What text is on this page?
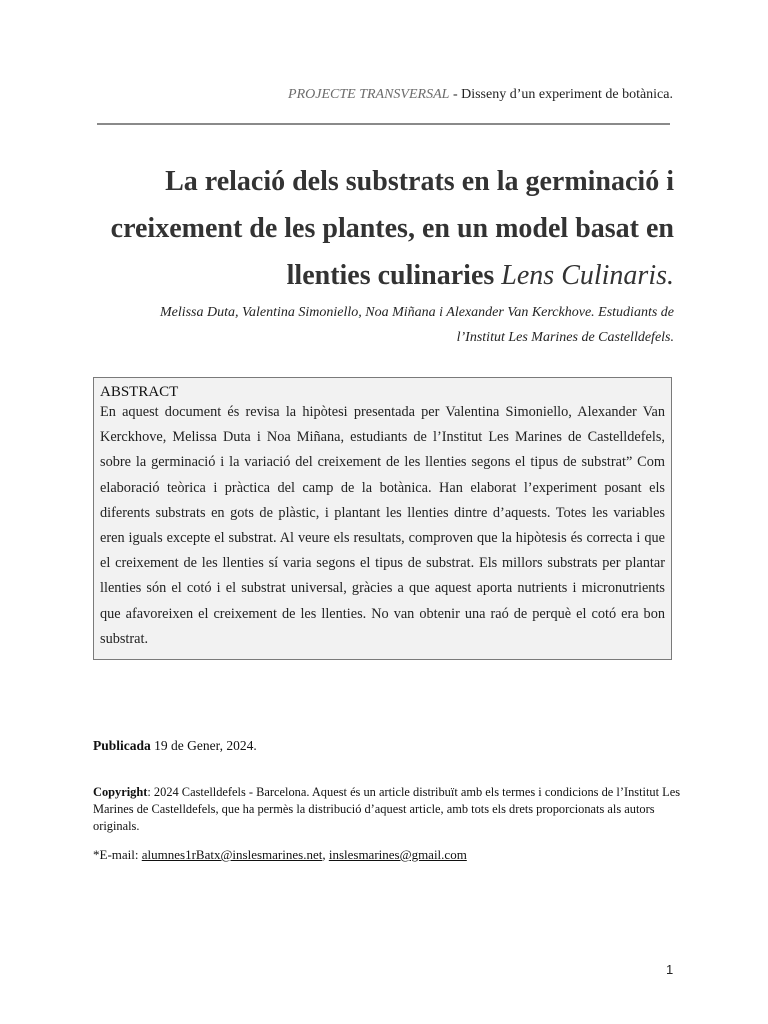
PROJECTE TRANSVERSAL - Disseny d’un experiment de botànica.
La relació dels substrats en la germinació i
creixement de les plantes, en un model basat en
llenties culinaries Lens Culinaris.
Melissa Duta, Valentina Simoniello, Noa Miñana i Alexander Van Kerckhove. Estudiants de
l’Institut Les Marines de Castelldefels.
ABSTRACT
En aquest document és revisa la hipòtesi presentada per Valentina Simoniello, Alexander Van Kerckhove, Melissa Duta i Noa Miñana, estudiants de l’Institut Les Marines de Castelldefels, sobre la germinació i la variació del creixement de les llenties segons el tipus de substrat” Com elaboració teòrica i pràctica del camp de la botànica. Han elaborat l’experiment posant els diferents substrats en gots de plàstic, i plantant les llenties dintre d’aquests. Totes les variables eren iguals excepte el substrat. Al veure els resultats, comproven que la hipòtesis és correcta i que el creixement de les llenties sí varia segons el tipus de substrat. Els millors substrats per plantar llenties són el cotó i el substrat universal, gràcies a que aquest aporta nutrients i micronutrients que afavoreixen el creixement de les llenties. No van obtenir una raó de perquè el cotó era bon substrat.
Publicada 19 de Gener, 2024.
Copyright: 2024 Castelldefels - Barcelona. Aquest és un article distribuït amb els termes i condicions de l’Institut Les Marines de Castelldefels, que ha permès la distribució d’aquest article, amb tots els drets proporcionats als autors originals.
*E-mail: alumnes1rBatx@inslesmarines.net, inslesmarines@gmail.com
1
